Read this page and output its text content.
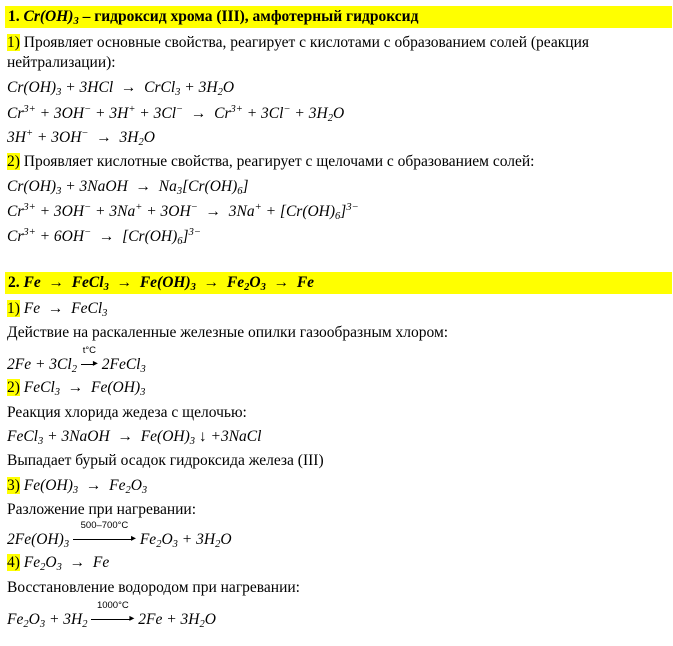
1. $Cr(OH)_3$ – гидроксид хрома (III), амфотерный гидроксид
1) Проявляет основные свойства, реагирует с кислотами с образованием солей (реакция
нейтрализации):
$Cr(OH)_3 + 3HCl$  →  CrCl$_3$ + $3H_2O$
$Cr^{3+} + 3OH^- + 3H^+ + 3Cl^- \to Cr^{3+} + 3Cl^- + 3H_2O$
$3H^+ + 3OH^- \to 3H_2O$
2) Проявляет кислотные свойства, реагирует с щелочами с образованием солей:
$Cr(OH)_3$ + 3NaOH  →  $Na_3[Cr(OH)_6]$
$Cr^{3+} + 3OH^- + 3Na^+ + 3OH^- \to 3Na^+ + [Cr(OH)_6]^{3-}$
$Cr^{3+} + 6OH^- \to [Cr(OH)_6]^{3-}$
2. Fe  →  FeCl$_3$  →  $Fe(OH)_3 \to Fe_2O_3 \to Fe$
1) Fe  →  FeCl$_3$
Действие на раскаленные железные опилки газообразным хлором:
$2Fe + 3Cl_2$
t°C
▸ 2FeCl$_3$
2) FeCl$_3$  →  $Fe(OH)_3$
Реакция хлорида жедеза с щелочью:
FeCl$_3$ + 3NaOH  →  $Fe(OH)_3$ ↓ +3NaCl
Выпадает бурый осадок гидроксида железа (III)
3) $Fe(OH)_3 \to Fe_2O_3$
Разложение при нагревании:
$2Fe(OH)_3$
500–700°C
▸ $Fe_2O_3 + 3H_2O$
4) $Fe_2O_3 \to Fe$
Восстановление водородом при нагревании:
$Fe_2O_3 + 3H_2$
1000°C
▸ $2Fe + 3H_2O$
